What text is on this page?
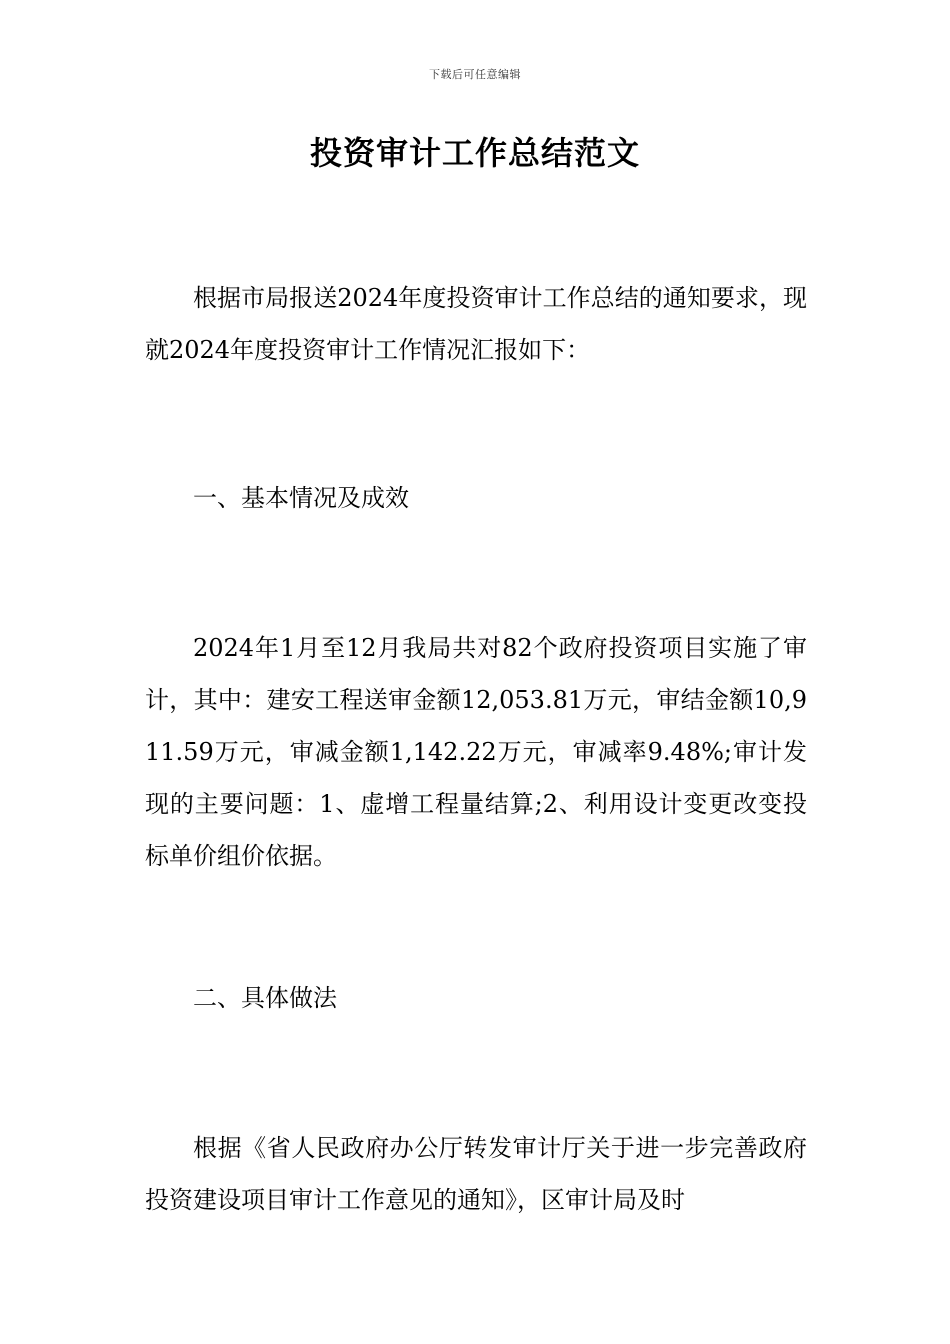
下载后可任意编辑
投资审计工作总结范文

根据市局报送2024年度投资审计工作总结的通知要求，现就2024年度投资审计工作情况汇报如下：

一、基本情况及成效

2024年1月至12月我局共对82个政府投资项目实施了审计，其中：建安工程送审金额12,053.81万元，审结金额10,911.59万元，审减金额1,142.22万元，审减率9.48%;审计发现的主要问题：1、虚增工程量结算;2、利用设计变更改变投标单价组价依据。

二、具体做法

根据《省人民政府办公厅转发审计厅关于进一步完善政府投资建设项目审计工作意见的通知》，区审计局及时
